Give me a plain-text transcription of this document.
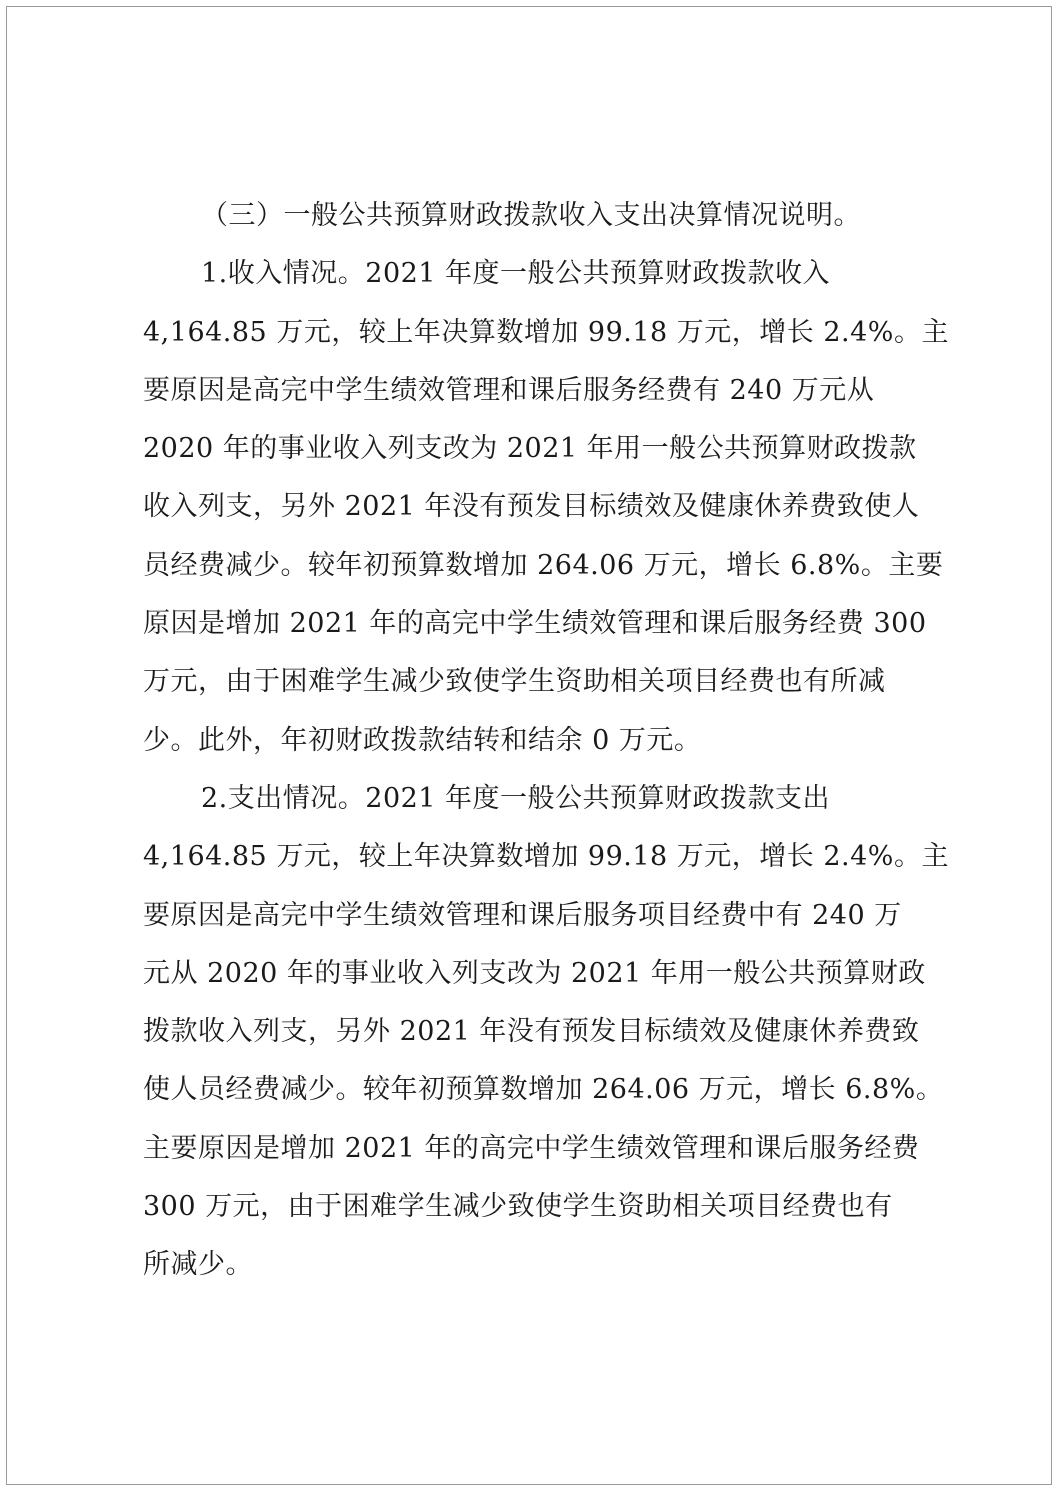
（三）一般公共预算财政拨款收入支出决算情况说明。
1.收入情况。2021 年度一般公共预算财政拨款收入
4,164.85 万元，较上年决算数增加 99.18 万元，增长 2.4%。主
要原因是高完中学生绩效管理和课后服务经费有 240 万元从
2020 年的事业收入列支改为 2021 年用一般公共预算财政拨款
收入列支，另外 2021 年没有预发目标绩效及健康休养费致使人
员经费减少。较年初预算数增加 264.06 万元，增长 6.8%。主要
原因是增加 2021 年的高完中学生绩效管理和课后服务经费 300
万元，由于困难学生减少致使学生资助相关项目经费也有所减
少。此外，年初财政拨款结转和结余 0 万元。
2.支出情况。2021 年度一般公共预算财政拨款支出
4,164.85 万元，较上年决算数增加 99.18 万元，增长 2.4%。主
要原因是高完中学生绩效管理和课后服务项目经费中有 240 万
元从 2020 年的事业收入列支改为 2021 年用一般公共预算财政
拨款收入列支，另外 2021 年没有预发目标绩效及健康休养费致
使人员经费减少。较年初预算数增加 264.06 万元，增长 6.8%。
主要原因是增加 2021 年的高完中学生绩效管理和课后服务经费
300 万元，由于困难学生减少致使学生资助相关项目经费也有
所减少。
